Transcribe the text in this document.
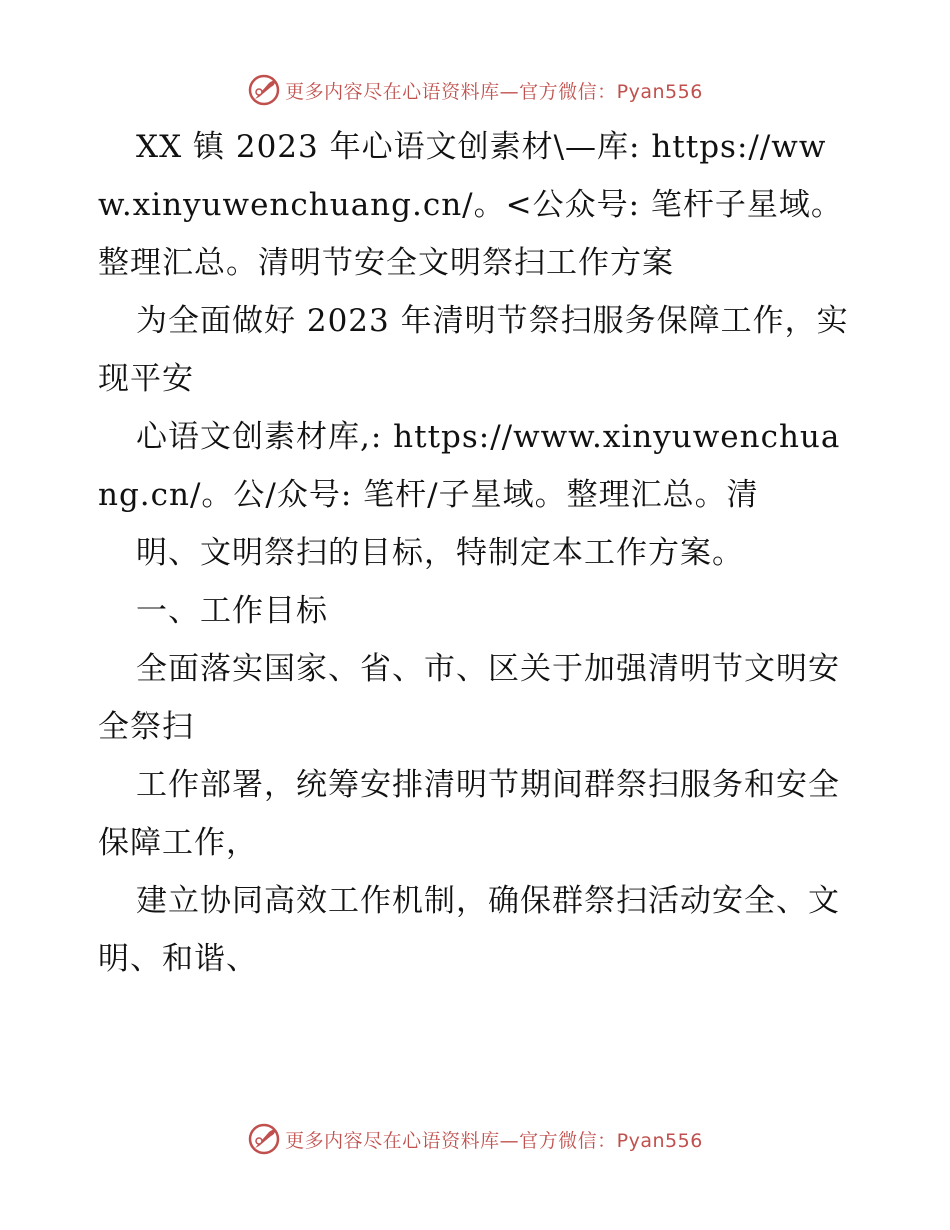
更多内容尽在心语资料库—官方微信：Pyan556

XX 镇 2023 年心语文创素材\—库: https://www.xinyuwenchuang.cn/。<公众号: 笔杆子星域。整理汇总。清明节安全文明祭扫工作方案

为全面做好 2023 年清明节祭扫服务保障工作，实现平安

心语文创素材库,: https://www.xinyuwenchuang.cn/。公/众号: 笔杆/子星域。整理汇总。清

明、文明祭扫的目标，特制定本工作方案。

一、工作目标

全面落实国家、省、市、区关于加强清明节文明安全祭扫

工作部署，统筹安排清明节期间群祭扫服务和安全保障工作，

建立协同高效工作机制，确保群祭扫活动安全、文明、和谐、

更多内容尽在心语资料库—官方微信：Pyan556
